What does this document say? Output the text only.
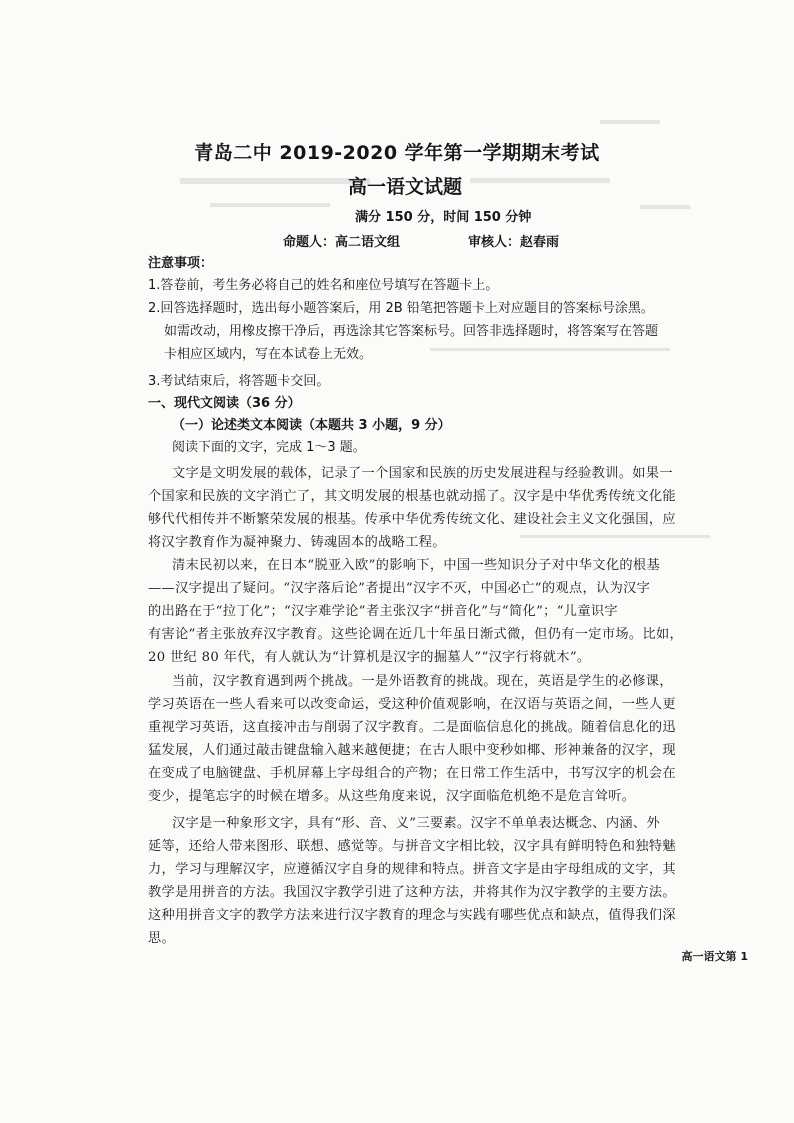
青岛二中 2019-2020 学年第一学期期末考试
高一语文试题
满分 150 分，时间 150 分钟
命题人：高二语文组	审核人：赵春雨
注意事项：
1.答卷前，考生务必将自己的姓名和座位号填写在答题卡上。
2.回答选择题时，选出每小题答案后，用 2B 铅笔把答题卡上对应题目的答案标号涂黑。
如需改动，用橡皮擦干净后，再选涂其它答案标号。回答非选择题时，将答案写在答题
卡相应区域内，写在本试卷上无效。
3.考试结束后，将答题卡交回。
一、现代文阅读（36 分）
（一）论述类文本阅读（本题共 3 小题，9 分）
阅读下面的文字，完成 1～3 题。
文字是文明发展的载体，记录了一个国家和民族的历史发展进程与经验教训。如果一
个国家和民族的文字消亡了，其文明发展的根基也就动摇了。汉字是中华优秀传统文化能
够代代相传并不断繁荣发展的根基。传承中华优秀传统文化、建设社会主义文化强国，应
将汉字教育作为凝神聚力、铸魂固本的战略工程。
清末民初以来，在日本“脱亚入欧”的影响下，中国一些知识分子对中华文化的根基
——汉字提出了疑问。“汉字落后论”者提出“汉字不灭，中国必亡”的观点，认为汉字
的出路在于“拉丁化”；“汉字难学论”者主张汉字“拼音化”与“简化”；“儿童识字
有害论”者主张放弃汉字教育。这些论调在近几十年虽日渐式微，但仍有一定市场。比如，
20 世纪 80 年代，有人就认为“计算机是汉字的掘墓人”“汉字行将就木”。
当前，汉字教育遇到两个挑战。一是外语教育的挑战。现在，英语是学生的必修课，
学习英语在一些人看来可以改变命运，受这种价值观影响，在汉语与英语之间，一些人更
重视学习英语，这直接冲击与削弱了汉字教育。二是面临信息化的挑战。随着信息化的迅
猛发展，人们通过敲击键盘输入越来越便捷；在古人眼中变秒如椰、形神兼备的汉字，现
在变成了电脑键盘、手机屏幕上字母组合的产物；在日常工作生活中，书写汉字的机会在
变少，提笔忘字的时候在增多。从这些角度来说，汉字面临危机绝不是危言耸听。
汉字是一种象形文字，具有“形、音、义”三要素。汉字不单单表达概念、内涵、外
延等，还给人带来图形、联想、感觉等。与拼音文字相比较，汉字具有鲜明特色和独特魅
力，学习与理解汉字，应遵循汉字自身的规律和特点。拼音文字是由字母组成的文字，其
教学是用拼音的方法。我国汉字教学引进了这种方法，并将其作为汉字教学的主要方法。
这种用拼音文字的教学方法来进行汉字教育的理念与实践有哪些优点和缺点，值得我们深
思。
高一语文第 1
